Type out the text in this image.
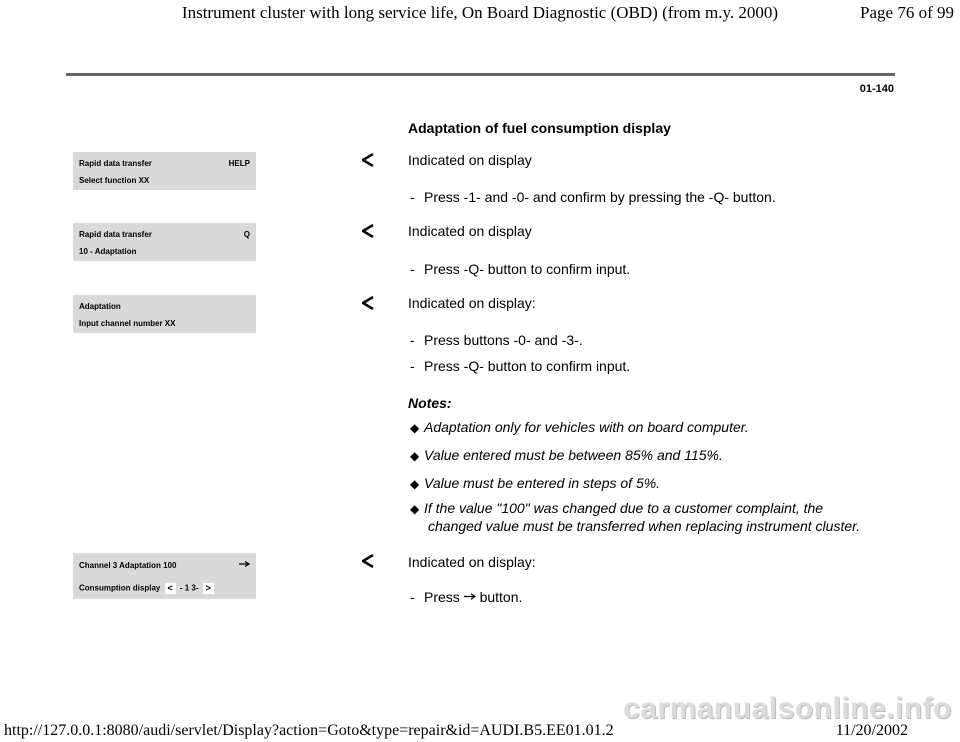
Instrument cluster with long service life, On Board Diagnostic (OBD) (from m.y. 2000)	Page 76 of 99
01-140
Adaptation of fuel consumption display
Rapid data transfer	HELP
Select function XX
Indicated on display
- Press -1- and -0- and confirm by pressing the -Q- button.
Rapid data transfer	Q
10 - Adaptation
Indicated on display
- Press -Q- button to confirm input.
Adaptation
Input channel number XX
Indicated on display:
- Press buttons -0- and -3-.
- Press -Q- button to confirm input.
Notes:
◆ Adaptation only for vehicles with on board computer.
◆ Value entered must be between 85% and 115%.
◆ Value must be entered in steps of 5%.
◆ If the value "100" was changed due to a customer complaint, the
changed value must be transferred when replacing instrument cluster.
Channel 3 Adaptation 100
Consumption display < - 1 3- >
Indicated on display:
- Press button.
carmanualsonline.info
http://127.0.0.1:8080/audi/servlet/Display?action=Goto&type=repair&id=AUDI.B5.EE01.01.2	11/20/2002
